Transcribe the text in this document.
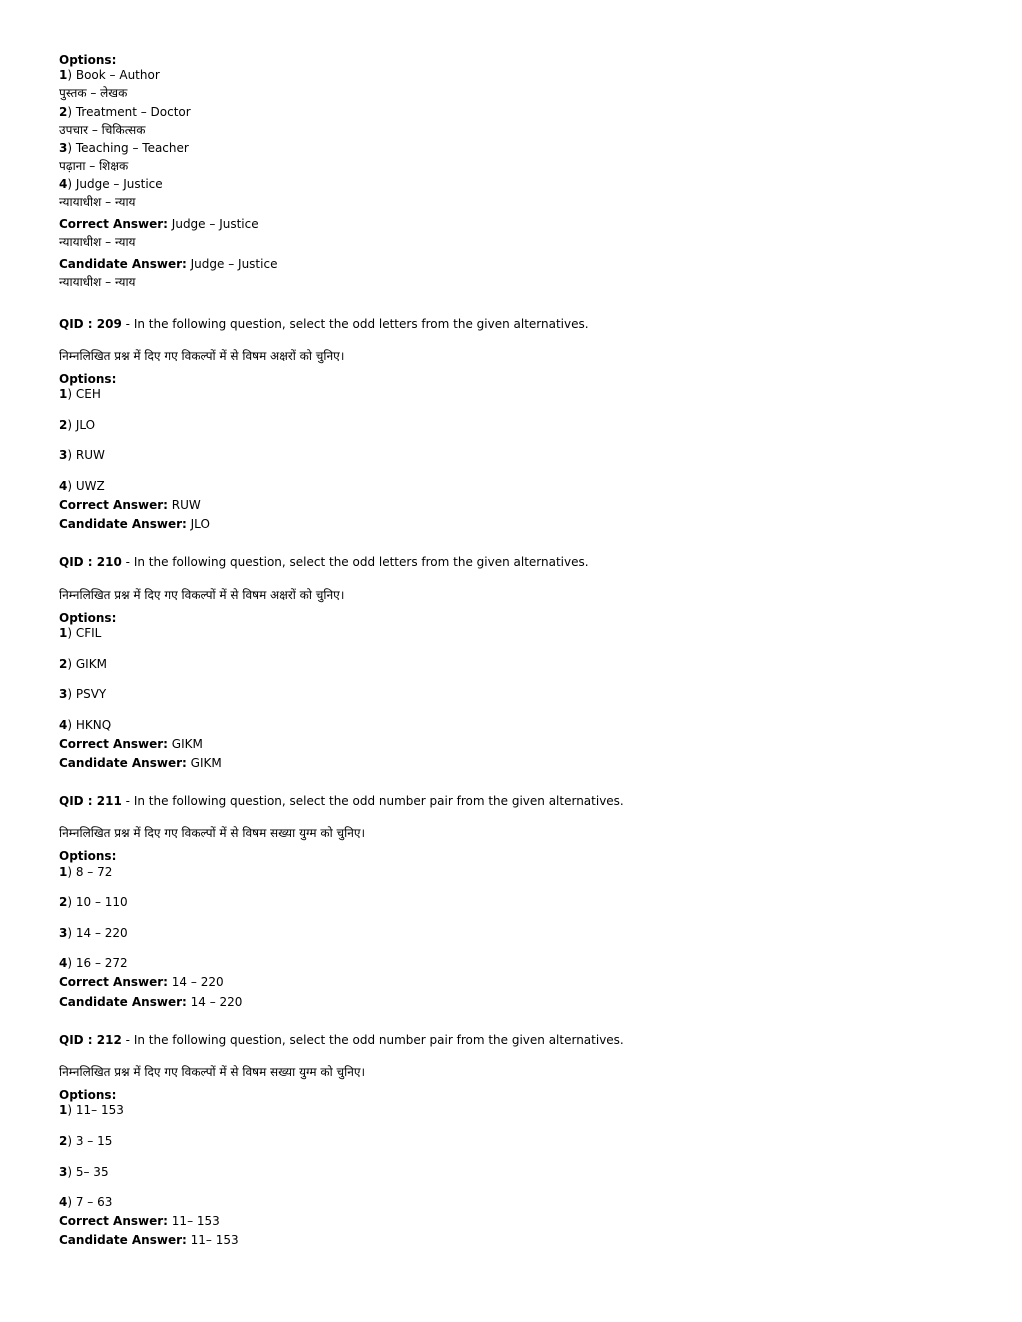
Options:
1) Book – Author
पुस्तक – लेखक
2) Treatment – Doctor
उपचार – चिकित्सक
3) Teaching – Teacher
पढ़ाना – शिक्षक
4) Judge – Justice
न्यायाधीश – न्याय
Correct Answer: Judge – Justice
न्यायाधीश – न्याय
Candidate Answer: Judge – Justice
न्यायाधीश – न्याय
QID : 209 - In the following question, select the odd letters from the given alternatives.
निम्नलिखित प्रश्न में दिए गए विकल्पों में से विषम अक्षरों को चुनिए।
Options:
1) CEH
2) JLO
3) RUW
4) UWZ
Correct Answer: RUW
Candidate Answer: JLO
QID : 210 - In the following question, select the odd letters from the given alternatives.
निम्नलिखित प्रश्न में दिए गए विकल्पों में से विषम अक्षरों को चुनिए।
Options:
1) CFIL
2) GIKM
3) PSVY
4) HKNQ
Correct Answer: GIKM
Candidate Answer: GIKM
QID : 211 - In the following question, select the odd number pair from the given alternatives.
निम्नलिखित प्रश्न में दिए गए विकल्पों में से विषम सख्या युग्म को चुनिए।
Options:
1) 8 – 72
2) 10 – 110
3) 14 – 220
4) 16 – 272
Correct Answer: 14 – 220
Candidate Answer: 14 – 220
QID : 212 - In the following question, select the odd number pair from the given alternatives.
निम्नलिखित प्रश्न में दिए गए विकल्पों में से विषम सख्या युग्म को चुनिए।
Options:
1) 11– 153
2) 3 – 15
3) 5– 35
4) 7 – 63
Correct Answer: 11– 153
Candidate Answer: 11– 153
